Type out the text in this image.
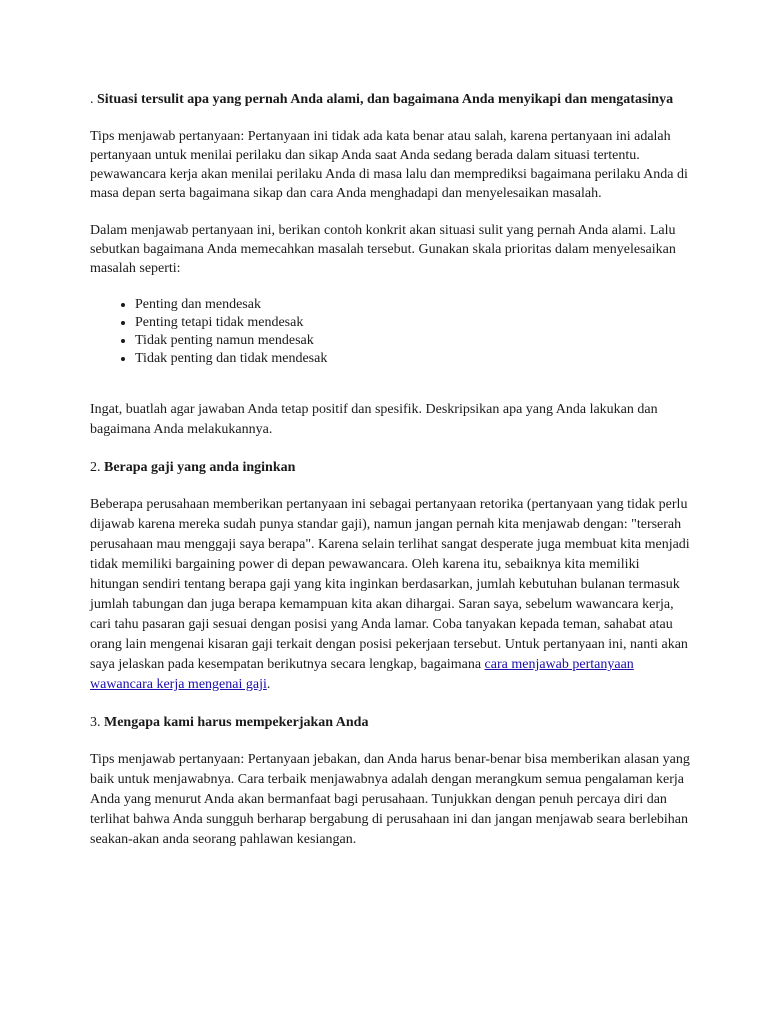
. Situasi tersulit apa yang pernah Anda alami, dan bagaimana Anda menyikapi dan mengatasinya

Tips menjawab pertanyaan: Pertanyaan ini tidak ada kata benar atau salah, karena pertanyaan ini adalah pertanyaan untuk menilai perilaku dan sikap Anda saat Anda sedang berada dalam situasi tertentu. pewawancara kerja akan menilai perilaku Anda di masa lalu dan memprediksi bagaimana perilaku Anda di masa depan serta bagaimana sikap dan cara Anda menghadapi dan menyelesaikan masalah.

Dalam menjawab pertanyaan ini, berikan contoh konkrit akan situasi sulit yang pernah Anda alami. Lalu sebutkan bagaimana Anda memecahkan masalah tersebut. Gunakan skala prioritas dalam menyelesaikan masalah seperti:

• Penting dan mendesak
• Penting tetapi tidak mendesak
• Tidak penting namun mendesak
• Tidak penting dan tidak mendesak

Ingat, buatlah agar jawaban Anda tetap positif dan spesifik. Deskripsikan apa yang Anda lakukan dan bagaimana Anda melakukannya.

2. Berapa gaji yang anda inginkan

Beberapa perusahaan memberikan pertanyaan ini sebagai pertanyaan retorika (pertanyaan yang tidak perlu dijawab karena mereka sudah punya standar gaji), namun jangan pernah kita menjawab dengan: "terserah perusahaan mau menggaji saya berapa". Karena selain terlihat sangat desperate juga membuat kita menjadi tidak memiliki bargaining power di depan pewawancara. Oleh karena itu, sebaiknya kita memiliki hitungan sendiri tentang berapa gaji yang kita inginkan berdasarkan, jumlah kebutuhan bulanan termasuk jumlah tabungan dan juga berapa kemampuan kita akan dihargai. Saran saya, sebelum wawancara kerja, cari tahu pasaran gaji sesuai dengan posisi yang Anda lamar. Coba tanyakan kepada teman, sahabat atau orang lain mengenai kisaran gaji terkait dengan posisi pekerjaan tersebut. Untuk pertanyaan ini, nanti akan saya jelaskan pada kesempatan berikutnya secara lengkap, bagaimana cara menjawab pertanyaan wawancara kerja mengenai gaji.

3. Mengapa kami harus mempekerjakan Anda

Tips menjawab pertanyaan: Pertanyaan jebakan, dan Anda harus benar-benar bisa memberikan alasan yang baik untuk menjawabnya. Cara terbaik menjawabnya adalah dengan merangkum semua pengalaman kerja Anda yang menurut Anda akan bermanfaat bagi perusahaan. Tunjukkan dengan penuh percaya diri dan terlihat bahwa Anda sungguh berharap bergabung di perusahaan ini dan jangan menjawab seara berlebihan seakan-akan anda seorang pahlawan kesiangan.
